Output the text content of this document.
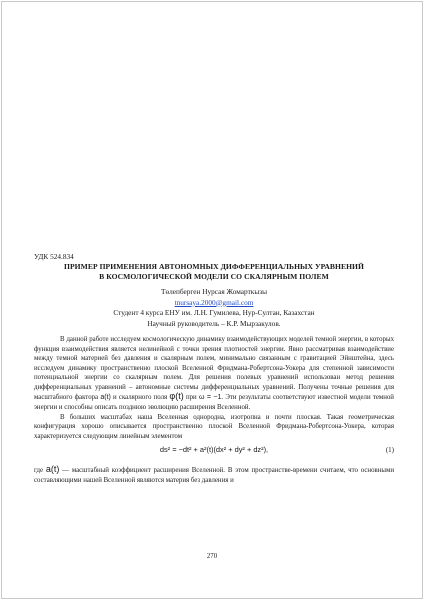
УДК 524.834

ПРИМЕР ПРИМЕНЕНИЯ АВТОНОМНЫХ ДИФФЕРЕНЦИАЛЬНЫХ УРАВНЕНИЙ

В КОСМОЛОГИЧЕСКОЙ МОДЕЛИ СО СКАЛЯРНЫМ ПОЛЕМ

Төлепберген Нурсая Жомарткызы
tnursaya.2000@gmail.com
Студент 4 курса ЕНУ им. Л.Н. Гумилева, Нур-Султан, Казахстан
Научный руководитель – К.Р. Мырзакулов.

В данной работе исследуем космологическую динамику взаимодействующих моделей темной энергии, в которых функция взаимодействия является нелинейной с точки зрения плотностей энергии. Явно рассматривая взаимодействие между темной материей без давления и скалярным полем, минимально связанным с гравитацией Эйнштейна, здесь исследуем динамику пространственно плоской Вселенной Фридмана-Робертсона-Уокера для степенной зависимости потенциальной энергии со скалярным полем. Для решения полевых уравнений использован метод решения дифференциальных уравнений – автономные системы дифференциальных уравнений. Получены точные решения для масштабного фактора a(t) и скалярного поля φ(t) при ω = −1. Эти результаты соответствуют известной модели темной энергии и способны описать позднюю эволюцию расширения Вселенной.

В больших масштабах наша Вселенная однородна, изотропна и почти плоская. Такая геометрическая конфигурация хорошо описывается пространственно плоской Вселенной Фридмана-Робертсона-Уокера, которая характеризуется следующим линейным элементом

ds² = −dt² + a²(t)(dx² + dy² + dz²),	(1)
где a(t) — масштабный коэффициент расширения Вселенной. В этом пространстве-времени считаем, что основными составляющими нашей Вселенной являются материя без давления и
270
